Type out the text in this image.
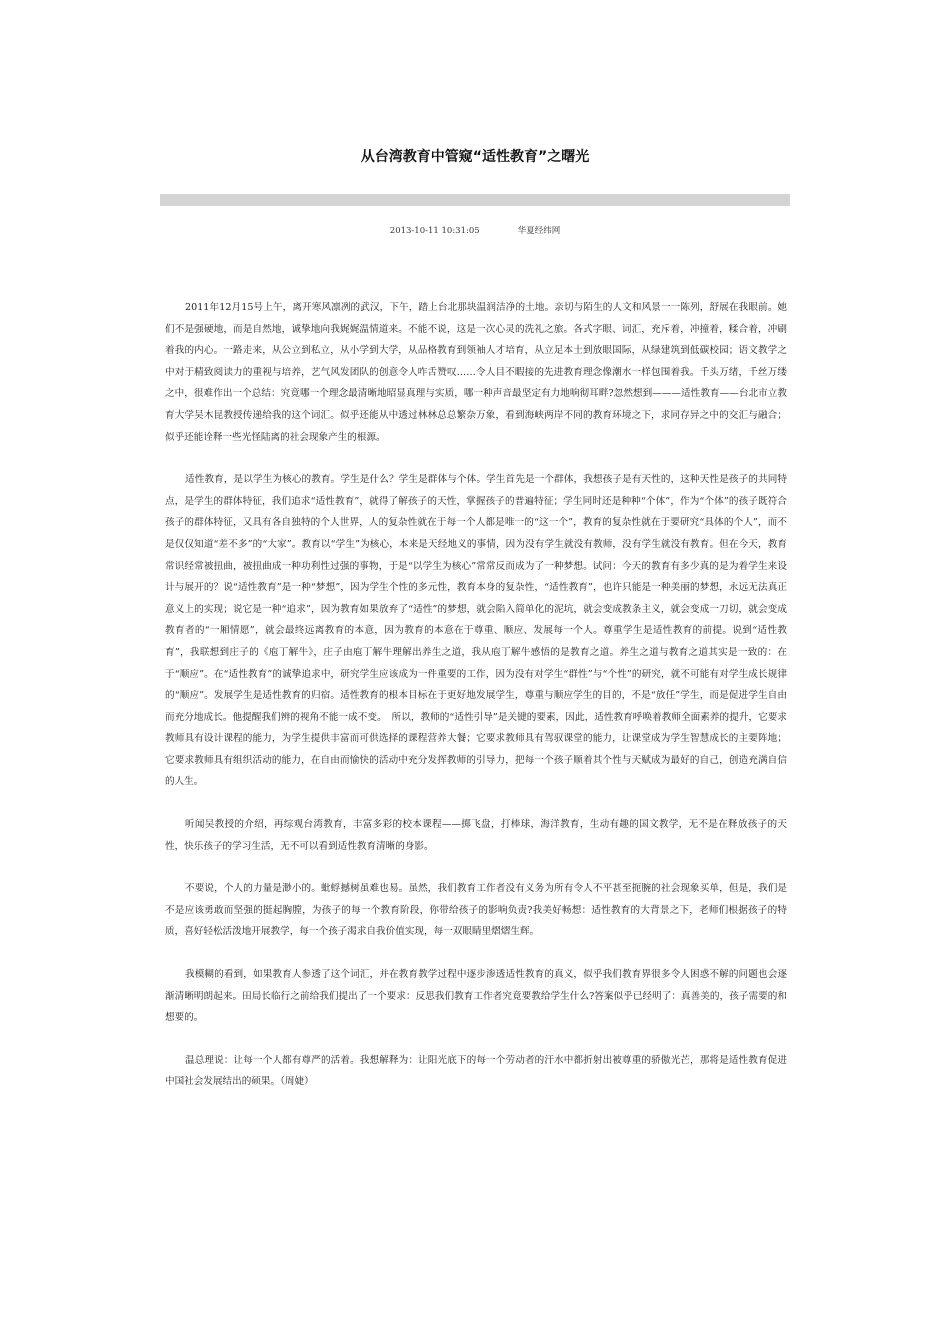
从台湾教育中管窥“适性教育”之曙光
2013-10-11 10:31:05	华夏经纬网

2011年12月15号上午，离开寒风凛冽的武汉，下午，踏上台北那块温润洁净的土地。亲切与陌生的人文和风景一一陈列，舒展在我眼前。她们不是强硬地，而是自然地，诚挚地向我娓娓温情道来。不能不说，这是一次心灵的洗礼之旅。各式字眼、词汇，充斥着，冲撞着，糅合着，冲刷着我的内心。一路走来，从公立到私立，从小学到大学，从品格教育到领袖人才培育，从立足本土到放眼国际，从绿建筑到低碳校园；语文教学之中对于精致阅读力的重视与培养，艺气风发团队的创意令人咋舌赞叹……令人目不暇接的先进教育理念像潮水一样包围着我。千头万绪，千丝万缕之中，很难作出一个总结：究竟哪一个理念最清晰地昭显真理与实质，哪一种声音最坚定有力地响彻耳畔?忽然想到———适性教育——台北市立教育大学吴木昆教授传递给我的这个词汇。似乎还能从中透过林林总总繁杂万象，看到海峡两岸不同的教育环境之下，求同存异之中的交汇与融合；似乎还能诠释一些光怪陆离的社会现象产生的根源。

适性教育，是以学生为核心的教育。学生是什么？学生是群体与个体。学生首先是一个群体，我想孩子是有天性的，这种天性是孩子的共同特点，是学生的群体特征，我们追求“适性教育”，就得了解孩子的天性，掌握孩子的普遍特征；学生同时还是种种“个体”，作为“个体”的孩子既符合孩子的群体特征，又具有各自独特的个人世界，人的复杂性就在于每一个人都是唯一的“这一个”，教育的复杂性就在于要研究“具体的个人”，而不是仅仅知道“差不多”的“大家”。教育以“学生”为核心，本来是天经地义的事情，因为没有学生就没有教师，没有学生就没有教育。但在今天，教育常识经常被扭曲，被扭曲成一种功利性过强的事物，于是“以学生为核心”常常反而成为了一种梦想。试问：今天的教育有多少真的是为着学生来设计与展开的？说“适性教育”是一种“梦想”，因为学生个性的多元性，教育本身的复杂性，“适性教育”，也许只能是一种美丽的梦想，永远无法真正意义上的实现；说它是一种“追求”，因为教育如果放弃了“适性”的梦想，就会陷入简单化的泥坑，就会变成教条主义，就会变成一刀切，就会变成教育者的“一厢情愿”，就会最终远离教育的本意，因为教育的本意在于尊重、顺应、发展每一个人。尊重学生是适性教育的前提。说到“适性教育”，我联想到庄子的《庖丁解牛》，庄子由庖丁解牛理解出养生之道，我从庖丁解牛感悟的是教育之道。养生之道与教育之道其实是一致的：在于“顺应”。在“适性教育”的诚挚追求中，研究学生应该成为一件重要的工作，因为没有对学生“群性”与“个性”的研究，就不可能有对学生成长规律的“顺应”。发展学生是适性教育的归宿。适性教育的根本目标在于更好地发展学生，尊重与顺应学生的目的，不是“放任”学生，而是促进学生自由而充分地成长。他提醒我们辨的视角不能一成不变。　所以，教师的“适性引导”是关键的要素，因此，适性教育呼唤着教师全面素养的提升，它要求教师具有设计课程的能力，为学生提供丰富而可供选择的课程营养大餐；它要求教师具有驾驭课堂的能力，让课堂成为学生智慧成长的主要阵地；它要求教师具有组织活动的能力，在自由而愉快的活动中充分发挥教师的引导力，把每一个孩子顺着其个性与天赋成为最好的自己，创造充满自信的人生。

听闻吴教授的介绍，再综观台湾教育，丰富多彩的校本课程——掷飞盘，打棒球，海洋教育，生动有趣的国文教学，无不是在释放孩子的天性，快乐孩子的学习生活，无不可以看到适性教育清晰的身影。

不要说，个人的力量是渺小的。蚍蜉撼树虽难也易。虽然，我们教育工作者没有义务为所有令人不平甚至扼腕的社会现象买单，但是，我们是不是应该勇敢而坚强的挺起胸膛，为孩子的每一个教育阶段，你带给孩子的影响负责?我美好畅想：适性教育的大背景之下，老师们根据孩子的特质，喜好轻松活泼地开展教学，每一个孩子渴求自我价值实现，每一双眼睛里熠熠生辉。

我模糊的看到，如果教育人参透了这个词汇，并在教育教学过程中逐步渗透适性教育的真义，似乎我们教育界很多令人困惑不解的问题也会逐渐清晰明朗起来。田局长临行之前给我们提出了一个要求：反思我们教育工作者究竟要教给学生什么?答案似乎已经明了：真善美的，孩子需要的和想要的。

温总理说：让每一个人都有尊严的活着。我想解释为：让阳光底下的每一个劳动者的汗水中都折射出被尊重的骄傲光芒，那将是适性教育促进中国社会发展结出的硕果。（周婕）
